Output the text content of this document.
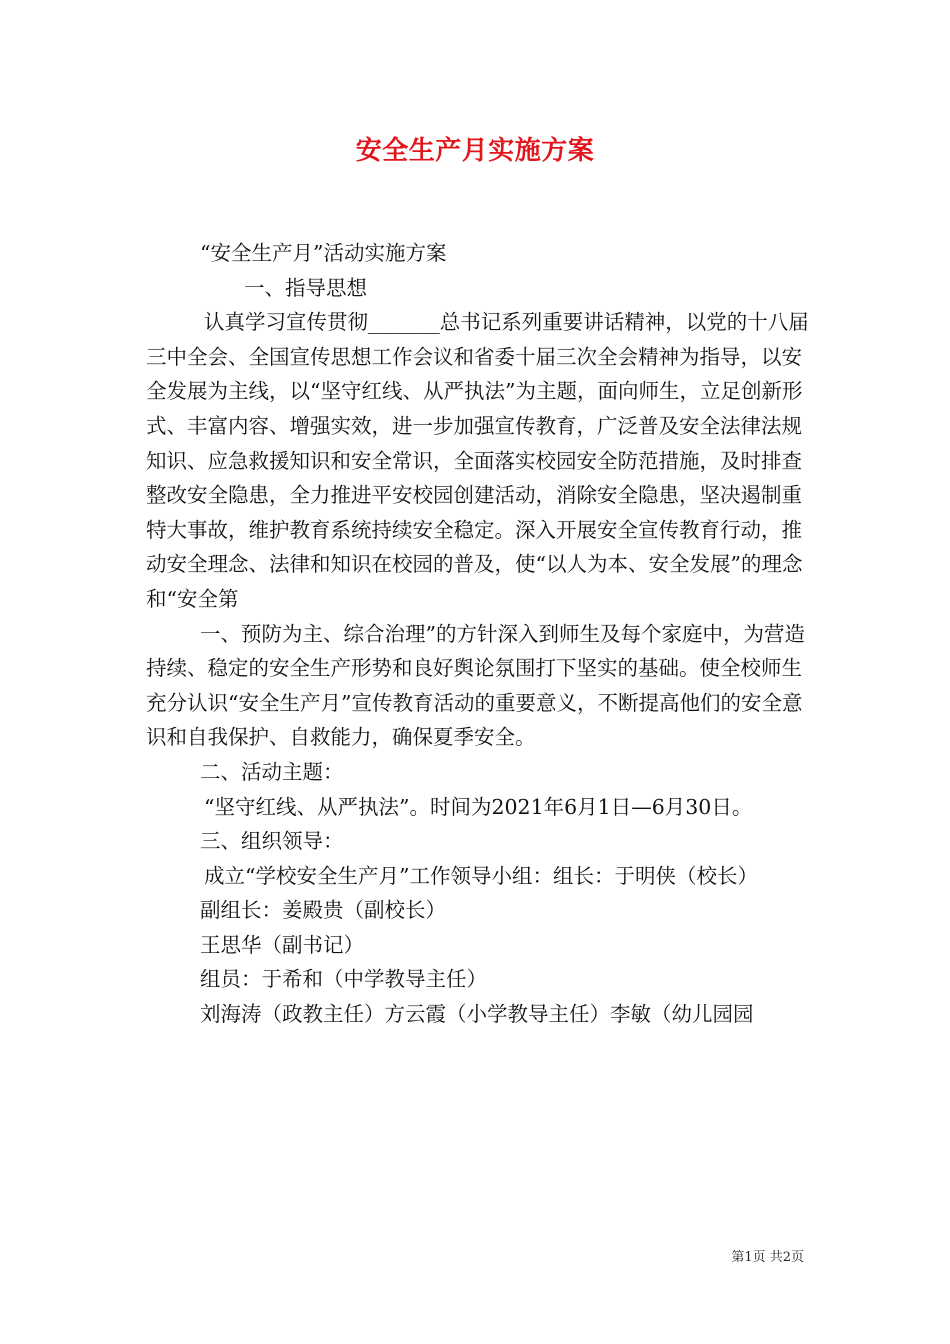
安全生产月实施方案

“安全生产月”活动实施方案

一、指导思想

认真学习宣传贯彻_______总书记系列重要讲话精神，以党的十八届三中全会、全国宣传思想工作会议和省委十届三次全会精神为指导，以安全发展为主线，以“坚守红线、从严执法”为主题，面向师生，立足创新形式、丰富内容、增强实效，进一步加强宣传教育，广泛普及安全法律法规知识、应急救援知识和安全常识，全面落实校园安全防范措施，及时排查整改安全隐患，全力推进平安校园创建活动，消除安全隐患，坚决遏制重特大事故，维护教育系统持续安全稳定。深入开展安全宣传教育行动，推动安全理念、法律和知识在校园的普及，使“以人为本、安全发展”的理念和“安全第

一、预防为主、综合治理”的方针深入到师生及每个家庭中，为营造持续、稳定的安全生产形势和良好舆论氛围打下坚实的基础。使全校师生充分认识“安全生产月”宣传教育活动的重要意义，不断提高他们的安全意识和自我保护、自救能力，确保夏季安全。

二、活动主题：

“坚守红线、从严执法”。时间为2021年6月1日—6月30日。

三、组织领导：

成立“学校安全生产月”工作领导小组：组长：于明侠（校长）

副组长：姜殿贵（副校长）

王思华（副书记）

组员：于希和（中学教导主任）

刘海涛（政教主任）方云霞（小学教导主任）李敏（幼儿园园

第1页 共2页
